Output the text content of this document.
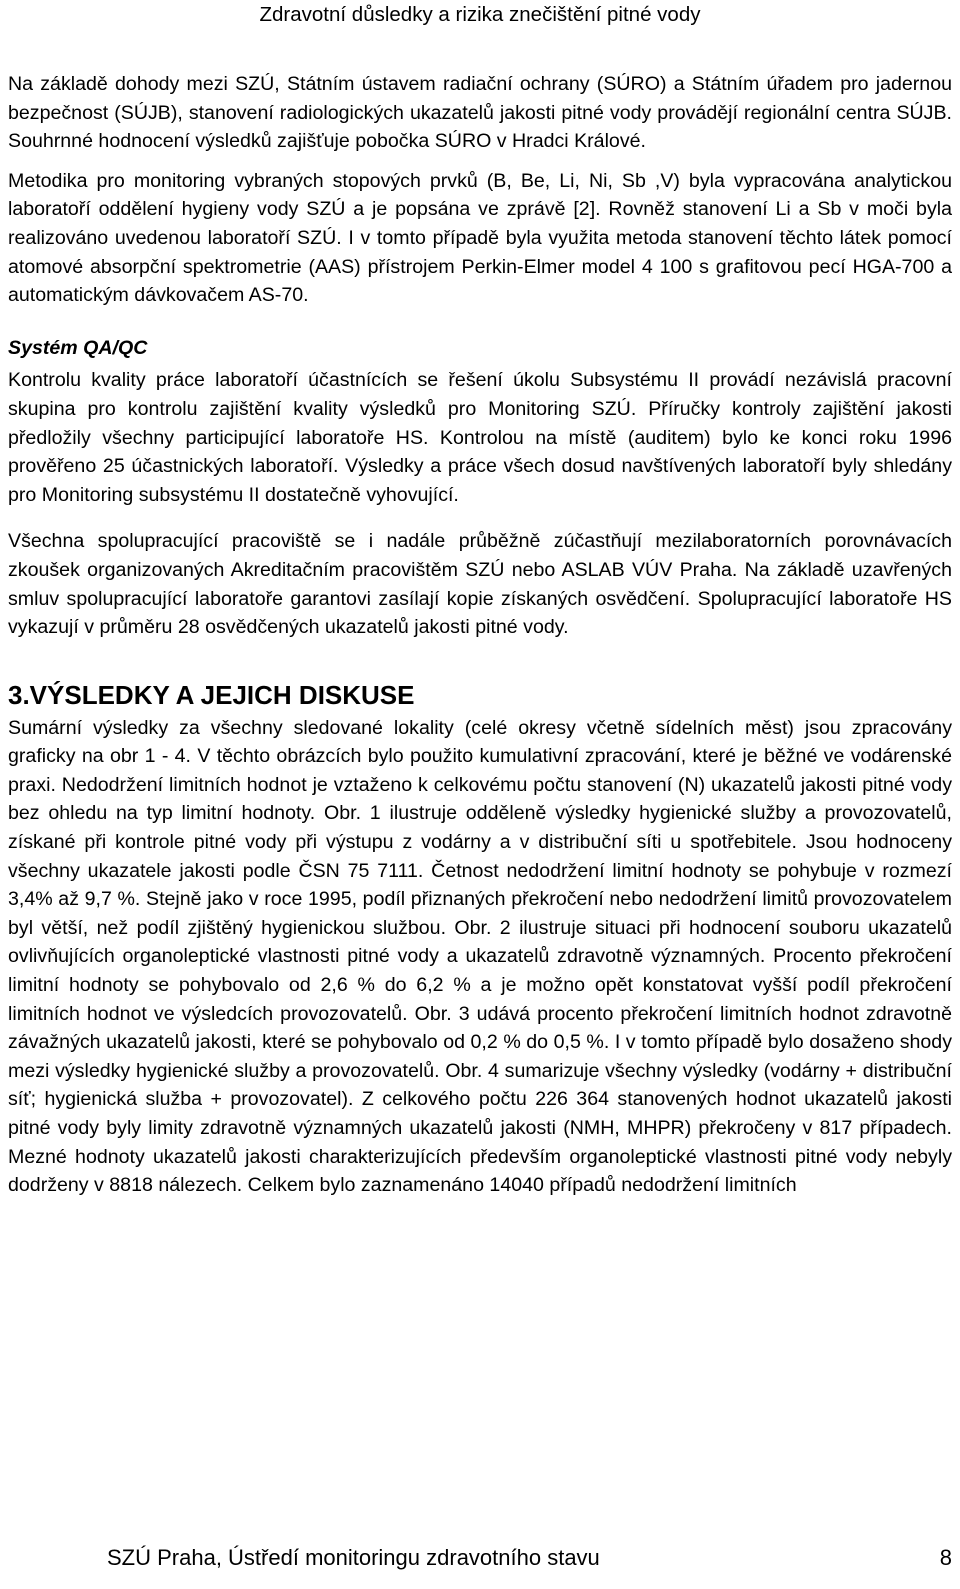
Zdravotní důsledky a rizika znečištění pitné vody

Na základě dohody mezi SZÚ, Státním ústavem radiační ochrany (SÚRO) a Státním úřadem pro jadernou bezpečnost (SÚJB), stanovení radiologických ukazatelů jakosti pitné vody provádějí regionální centra SÚJB. Souhrnné hodnocení výsledků zajišťuje pobočka SÚRO v Hradci Králové.

Metodika pro monitoring vybraných stopových prvků (B, Be, Li, Ni, Sb ,V) byla vypracována analytickou laboratoří oddělení hygieny vody SZÚ a je popsána ve zprávě [2]. Rovněž stanovení Li a Sb v moči byla realizováno uvedenou laboratoří SZÚ. I v tomto případě byla využita metoda stanovení těchto látek pomocí atomové absorpční spektrometrie (AAS) přístrojem Perkin-Elmer model 4 100 s grafitovou pecí HGA-700 a automatickým dávkovačem AS-70.

Systém QA/QC

Kontrolu kvality práce laboratoří účastnících se řešení úkolu Subsystému II provádí nezávislá pracovní skupina pro kontrolu zajištění kvality výsledků pro Monitoring SZÚ. Příručky kontroly zajištění jakosti předložily všechny participující laboratoře HS. Kontrolou na místě (auditem) bylo ke konci roku 1996 prověřeno 25 účastnických laboratoří. Výsledky a práce všech dosud navštívených laboratoří byly shledány pro Monitoring subsystému II dostatečně vyhovující.

Všechna spolupracující pracoviště se i nadále průběžně zúčastňují mezilaboratorních porovnávacích zkoušek organizovaných Akreditačním pracovištěm SZÚ nebo ASLAB VÚV Praha. Na základě uzavřených smluv spolupracující laboratoře garantovi zasílají kopie získaných osvědčení. Spolupracující laboratoře HS vykazují v průměru 28 osvědčených ukazatelů jakosti pitné vody.

3.VÝSLEDKY A JEJICH DISKUSE

Sumární výsledky za všechny sledované lokality (celé okresy včetně sídelních měst) jsou zpracovány graficky na obr 1 - 4. V těchto obrázcích bylo použito kumulativní zpracování, které je běžné ve vodárenské praxi. Nedodržení limitních hodnot je vztaženo k celkovému počtu stanovení (N) ukazatelů jakosti pitné vody bez ohledu na typ limitní hodnoty. Obr. 1 ilustruje odděleně výsledky hygienické služby a provozovatelů, získané při kontrole pitné vody při výstupu z vodárny a v distribuční síti u spotřebitele. Jsou hodnoceny všechny ukazatele jakosti podle ČSN 75 7111. Četnost nedodržení limitní hodnoty se pohybuje v rozmezí 3,4% až 9,7 %. Stejně jako v roce 1995, podíl přiznaných překročení nebo nedodržení limitů provozovatelem byl větší, než podíl zjištěný hygienickou službou. Obr. 2 ilustruje situaci při hodnocení souboru ukazatelů ovlivňujících organoleptické vlastnosti pitné vody a ukazatelů zdravotně významných. Procento překročení limitní hodnoty se pohybovalo od 2,6 % do 6,2 % a je možno opět konstatovat vyšší podíl překročení limitních hodnot ve výsledcích provozovatelů. Obr. 3 udává procento překročení limitních hodnot zdravotně závažných ukazatelů jakosti, které se pohybovalo od 0,2 % do 0,5 %. I v tomto případě bylo dosaženo shody mezi výsledky hygienické služby a provozovatelů. Obr. 4 sumarizuje všechny výsledky (vodárny + distribuční síť; hygienická služba + provozovatel). Z celkového počtu 226 364 stanovených hodnot ukazatelů jakosti pitné vody byly limity zdravotně významných ukazatelů jakosti (NMH, MHPR) překročeny v 817 případech. Mezné hodnoty ukazatelů jakosti charakterizujících především organoleptické vlastnosti pitné vody nebyly dodrženy v 8818 nálezech. Celkem bylo zaznamenáno 14040 případů nedodržení limitních

SZÚ Praha, Ústředí monitoringu zdravotního stavu	8
